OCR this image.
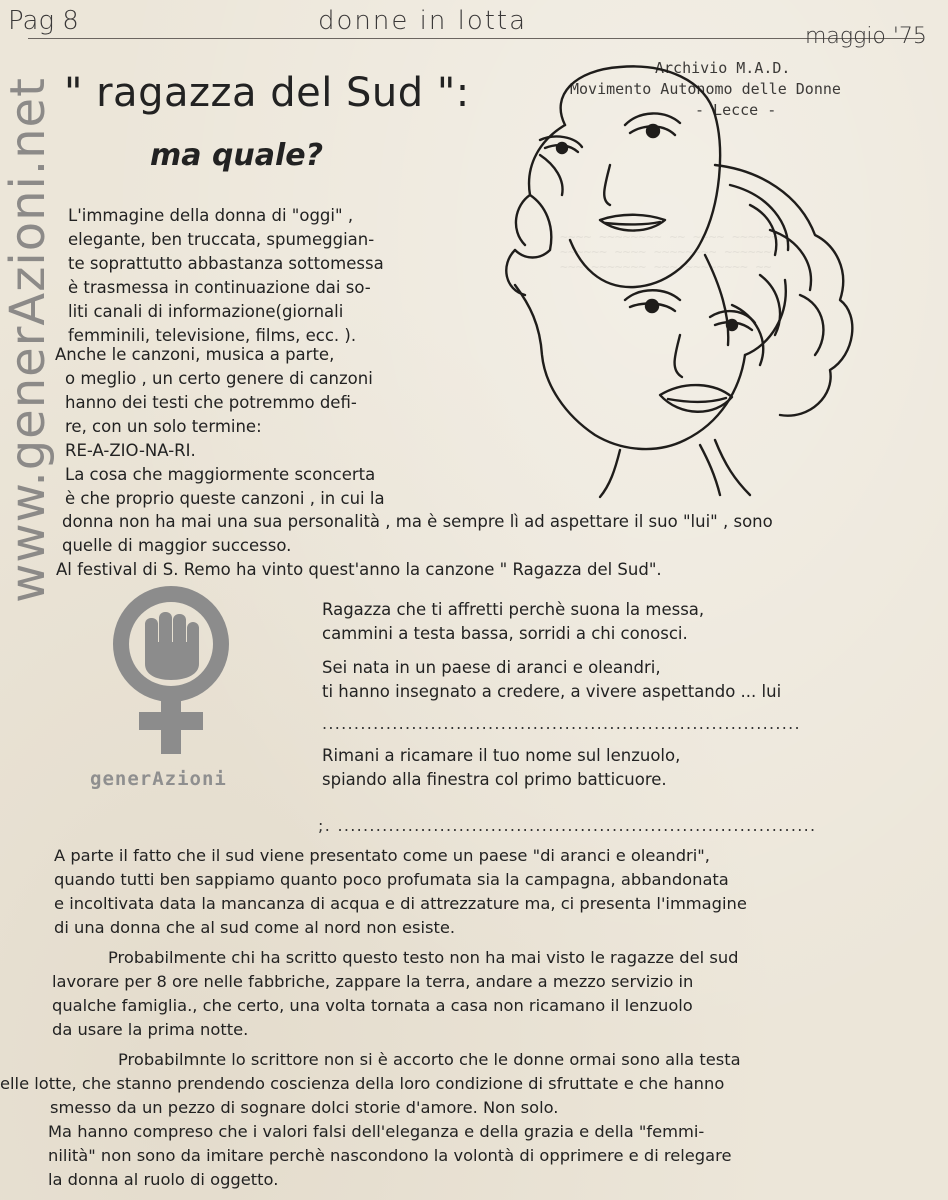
~~~~ ~~~~~~~~ ~~ ~~~~ ~~~~~~~
~~~~~~ ~~~~ ~~~~~~~~ ~~~~~~
~~~ ~~~~~~~ ~~~ ~~~~~~~~ ~~
Pag 8	donne in lotta
maggio '75
www.generAzioni.net
Archivio M.A.D.
Movimento Autonomo delle Donne
- Lecce -
" ragazza del Sud ":
ma quale?
L'immagine della donna di "oggi" ,
elegante, ben truccata, spumeggian-
te soprattutto abbastanza sottomessa
è trasmessa in continuazione dai so-
liti canali di informazione(giornali
femminili, televisione, films, ecc. ).
Anche le canzoni, musica a parte,
o meglio , un certo genere di canzoni
hanno dei testi che potremmo defi-
re, con un solo termine:
RE-A-ZIO-NA-RI.
La cosa che maggiormente sconcerta
è che proprio queste canzoni , in cui la
donna non ha mai una sua personalità , ma è sempre lì ad aspettare il suo "lui" , sono
quelle di maggior successo.
Al festival di S. Remo ha vinto quest'anno la canzone " Ragazza del Sud".
generAzioni
Ragazza che ti affretti perchè suona la messa,
cammini a testa bassa, sorridi a chi conosci.
Sei nata in un paese di aranci e oleandri,
ti hanno insegnato a credere, a vivere aspettando ... lui
...........................................................................
Rimani a ricamare il tuo nome sul lenzuolo,
spiando alla finestra col primo batticuore.
;. ...........................................................................
A parte il fatto che il sud viene presentato come un paese "di aranci e oleandri",
quando tutti ben sappiamo quanto poco profumata sia la campagna, abbandonata
e incoltivata data la mancanza di acqua e di attrezzature ma, ci presenta l'immagine
di una donna che al sud come al nord non esiste.
Probabilmente chi ha scritto questo testo non ha mai visto le ragazze del sud
lavorare per 8 ore nelle fabbriche, zappare la terra, andare a mezzo servizio in
qualche famiglia., che certo, una volta tornata a casa non ricamano il lenzuolo
da usare la prima notte.
Probabilmnte lo scrittore non si è accorto che le donne ormai sono alla testa
elle lotte, che stanno prendendo coscienza della loro condizione di sfruttate e che hanno
smesso da un pezzo di sognare dolci storie d'amore. Non solo.
Ma hanno compreso che i valori falsi dell'eleganza e della grazia e della "femmi-
nilità" non sono da imitare perchè nascondono la volontà di opprimere e di relegare
la donna al ruolo di oggetto.
